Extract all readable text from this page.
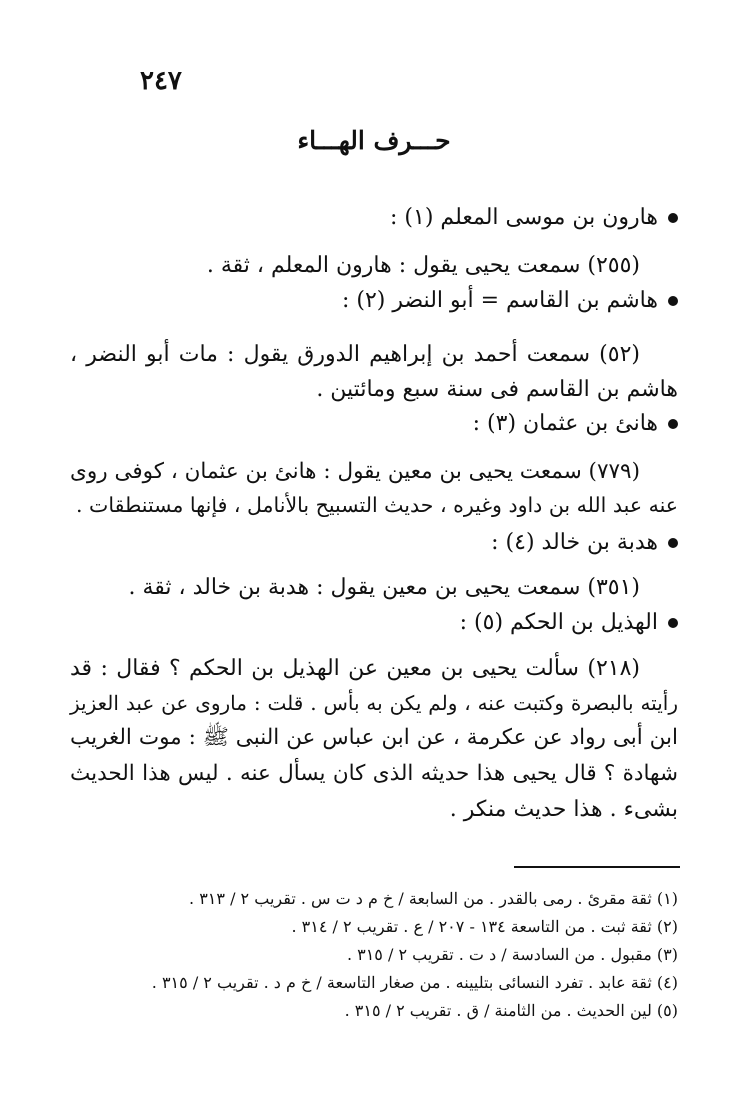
٢٤٧
حـــرف الهـــاء
هارون بن موسى المعلم (١) :
(٢٥٥) سمعت يحيى يقول : هارون المعلم ، ثقة .
هاشم بن القاسم = أبو النضر (٢) :
(٥٢) سمعت أحمد بن إبراهيم الدورق يقول : مات أبو النضر ،
هاشم بن القاسم فى سنة سبع ومائتين .
هانئ بن عثمان (٣) :
(٧٧٩) سمعت يحيى بن معين يقول : هانئ بن عثمان ، كوفى روى
عنه عبد الله بن داود وغيره ، حديث التسبيح بالأنامل ، فإنها مستنطقات .
هدبة بن خالد (٤) :
(٣٥١) سمعت يحيى بن معين يقول : هدبة بن خالد ، ثقة .
الهذيل بن الحكم (٥) :
(٢١٨) سألت يحيى بن معين عن الهذيل بن الحكم ؟ فقال : قد
رأيته بالبصرة وكتبت عنه ، ولم يكن به بأس . قلت : ماروى عن عبد العزيز
ابن أبى رواد عن عكرمة ، عن ابن عباس عن النبى ﷺ : موت الغريب
شهادة ؟ قال يحيى هذا حديثه الذى كان يسأل عنه . ليس هذا الحديث
بشىء . هذا حديث منكر .
(١) ثقة مقرئ . رمى بالقدر . من السابعة / خ م د ت س . تقريب ٢ / ٣١٣ .
(٢) ثقة ثبت . من التاسعة ١٣٤ - ٢٠٧ / ع . تقريب ٢ / ٣١٤ .
(٣) مقبول . من السادسة / د ت . تقريب ٢ / ٣١٥ .
(٤) ثقة عابد . تفرد النسائى بتليينه . من صغار التاسعة / خ م د . تقريب ٢ / ٣١٥ .
(٥) لين الحديث . من الثامنة / ق . تقريب ٢ / ٣١٥ .
